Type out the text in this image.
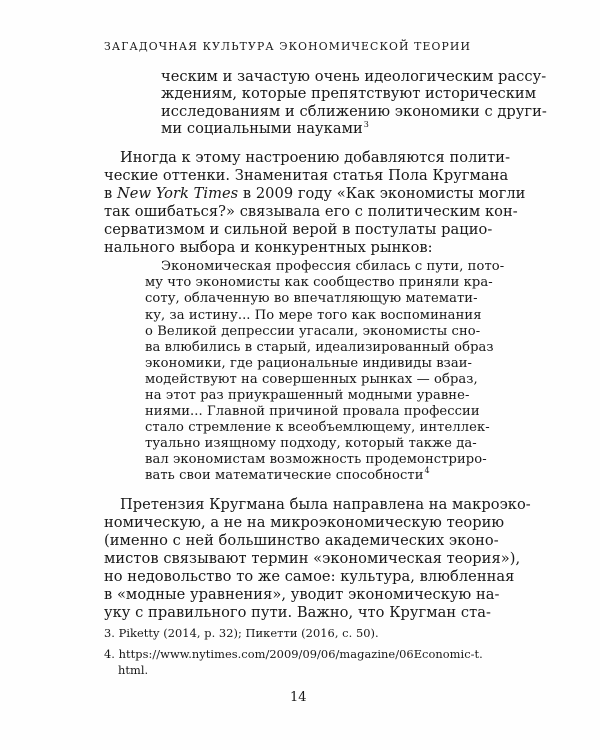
ЗАГАДОЧНАЯ КУЛЬТУРА ЭКОНОМИЧЕСКОЙ ТЕОРИИ
ческим и зачастую очень идеологическим рассу-
ждениям, которые препятствуют историческим
исследованиям и сближению экономики с други-
ми социальными науками$^3$
Иногда к этому настроению добавляются полити-
ческие оттенки. Знаменитая статья Пола Кругмана
в New York Times в 2009 году «Как экономисты могли
так ошибаться?» связывала его с политическим кон-
серватизмом и сильной верой в постулаты рацио-
нального выбора и конкурентных рынков:
Экономическая профессия сбилась с пути, пото-
му что экономисты как сообщество приняли кра-
соту, облаченную во впечатляющую математи-
ку, за истину... По мере того как воспоминания
о Великой депрессии угасали, экономисты сно-
ва влюбились в старый, идеализированный образ
экономики, где рациональные индивиды взаи-
модействуют на совершенных рынках — образ,
на этот раз приукрашенный модными уравне-
ниями... Главной причиной провала профессии
стало стремление к всеобъемлющему, интеллек-
туально изящному подходу, который также да-
вал экономистам возможность продемонстриро-
вать свои математические способности$^4$
Претензия Кругмана была направлена на макроэко-
номическую, а не на микроэкономическую теорию
(именно с ней большинство академических эконо-
мистов связывают термин «экономическая теория»),
но недовольство то же самое: культура, влюбленная
в «модные уравнения», уводит экономическую на-
уку с правильного пути. Важно, что Кругман ста-
3. Piketty (2014, p. 32); Пикетти (2016, с. 50).
4. https://www.nytimes.com/2009/09/06/magazine/06Economic-t.
html.
14
